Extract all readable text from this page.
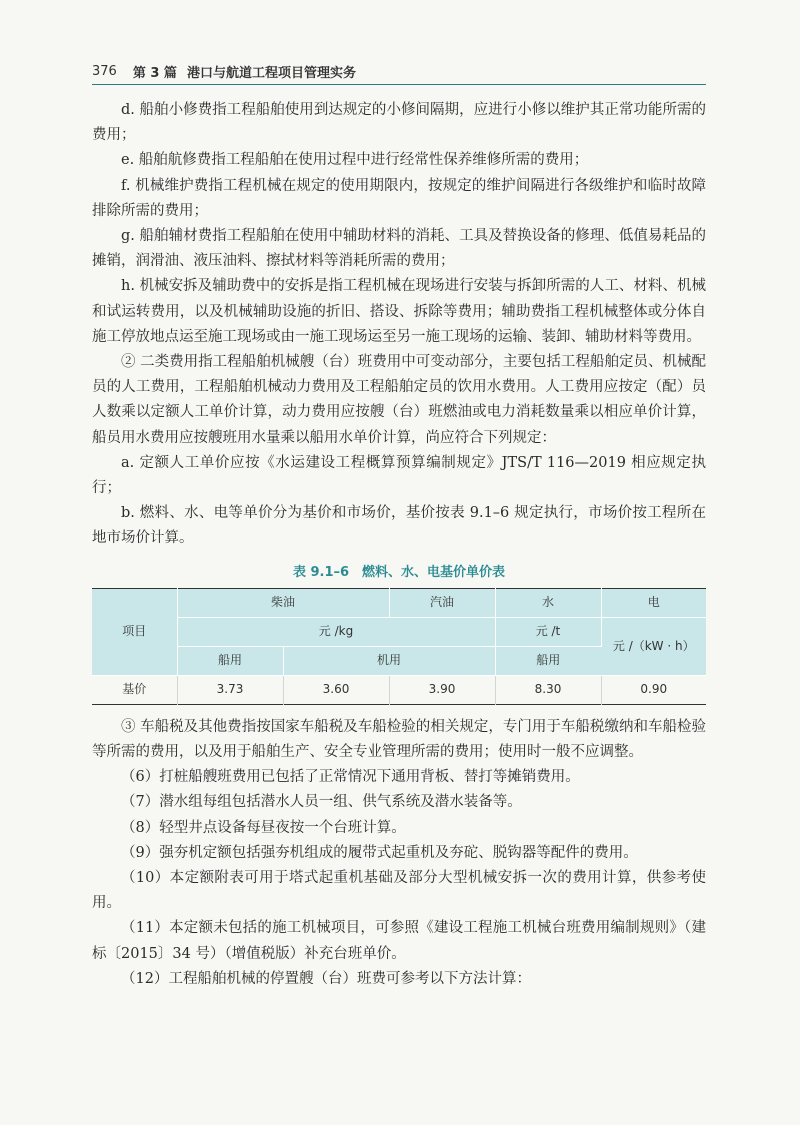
376 第 3 篇 港口与航道工程项目管理实务

d. 船舶小修费指工程船舶使用到达规定的小修间隔期，应进行小修以维护其正常功能所需的费用；

e. 船舶航修费指工程船舶在使用过程中进行经常性保养维修所需的费用；

f. 机械维护费指工程机械在规定的使用期限内，按规定的维护间隔进行各级维护和临时故障排除所需的费用；

g. 船舶辅材费指工程船舶在使用中辅助材料的消耗、工具及替换设备的修理、低值易耗品的摊销，润滑油、液压油料、擦拭材料等消耗所需的费用；

h. 机械安拆及辅助费中的安拆是指工程机械在现场进行安装与拆卸所需的人工、材料、机械和试运转费用，以及机械辅助设施的折旧、搭设、拆除等费用；辅助费指工程机械整体或分体自施工停放地点运至施工现场或由一施工现场运至另一施工现场的运输、装卸、辅助材料等费用。

② 二类费用指工程船舶机械艘（台）班费用中可变动部分，主要包括工程船舶定员、机械配员的人工费用，工程船舶机械动力费用及工程船舶定员的饮用水费用。人工费用应按定（配）员人数乘以定额人工单价计算，动力费用应按艘（台）班燃油或电力消耗数量乘以相应单价计算，船员用水费用应按艘班用水量乘以船用水单价计算，尚应符合下列规定：

a. 定额人工单价应按《水运建设工程概算预算编制规定》JTS/T 116—2019 相应规定执行；

b. 燃料、水、电等单价分为基价和市场价，基价按表 9.1–6 规定执行，市场价按工程所在地市场价计算。

表 9.1–6　燃料、水、电基价单价表
项目	柴油		汽油	水	电
	元 /kg			元 /t	元 /（kW · h）
	船用	机用		船用	
基价	3.73	3.60	3.90	8.30	0.90

③ 车船税及其他费指按国家车船税及车船检验的相关规定，专门用于车船税缴纳和车船检验等所需的费用，以及用于船舶生产、安全专业管理所需的费用；使用时一般不应调整。

（6）打桩船艘班费用已包括了正常情况下通用背板、替打等摊销费用。

（7）潜水组每组包括潜水人员一组、供气系统及潜水装备等。

（8）轻型井点设备每昼夜按一个台班计算。

（9）强夯机定额包括强夯机组成的履带式起重机及夯砣、脱钩器等配件的费用。

（10）本定额附表可用于塔式起重机基础及部分大型机械安拆一次的费用计算，供参考使用。

（11）本定额未包括的施工机械项目，可参照《建设工程施工机械台班费用编制规则》（建标〔2015〕34 号）（增值税版）补充台班单价。

（12）工程船舶机械的停置艘（台）班费可参考以下方法计算：
